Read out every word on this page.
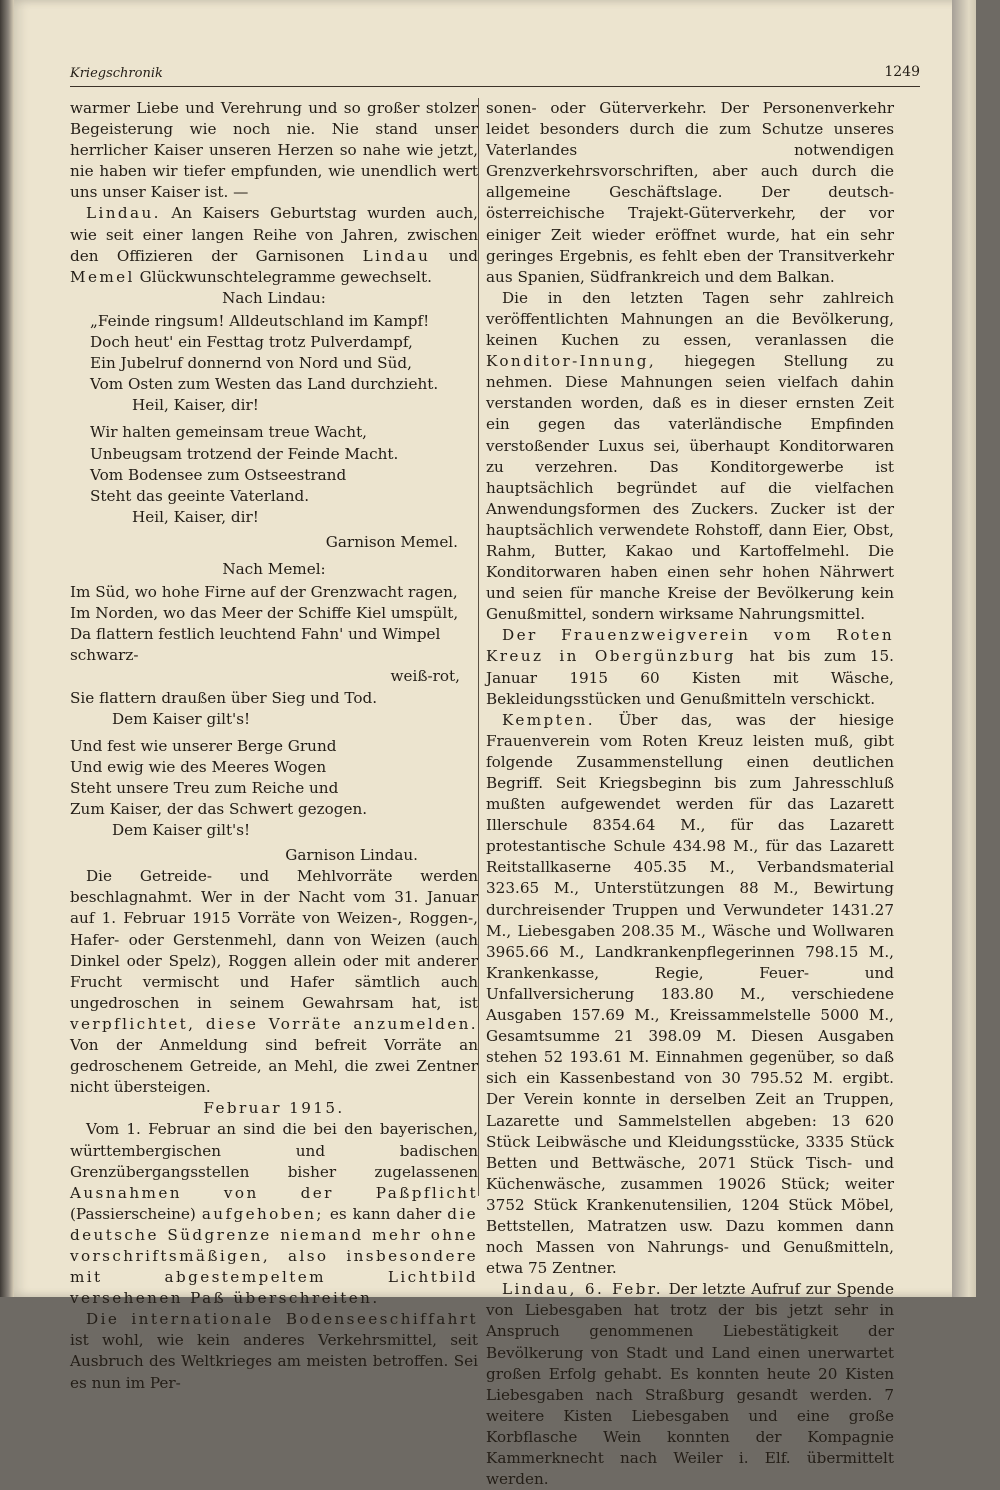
Kriegschronik	1249

warmer Liebe und Verehrung und so großer stolzer Begeisterung wie noch nie. Nie stand unser herrlicher Kaiser unseren Herzen so nahe wie jetzt, nie haben wir tiefer empfunden, wie unendlich wert uns unser Kaiser ist. —

Lindau. An Kaisers Geburtstag wurden auch, wie seit einer langen Reihe von Jahren, zwischen den Offizieren der Garnisonen Lindau und Memel Glückwunschtelegramme gewechselt.

Nach Lindau:
„Feinde ringsum! Alldeutschland im Kampf!
Doch heut' ein Festtag trotz Pulverdampf,
Ein Jubelruf donnernd von Nord und Süd,
Vom Osten zum Westen das Land durchzieht.
Heil, Kaiser, dir!
Wir halten gemeinsam treue Wacht,
Unbeugsam trotzend der Feinde Macht.
Vom Bodensee zum Ostseestrand
Steht das geeinte Vaterland.
Heil, Kaiser, dir!
Garnison Memel.
Nach Memel:
Im Süd, wo hohe Firne auf der Grenzwacht ragen,
Im Norden, wo das Meer der Schiffe Kiel umspült,
Da flattern festlich leuchtend Fahn' und Wimpel schwarz-
weiß-rot,
Sie flattern draußen über Sieg und Tod.
Dem Kaiser gilt's!
Und fest wie unserer Berge Grund
Und ewig wie des Meeres Wogen
Steht unsere Treu zum Reiche und
Zum Kaiser, der das Schwert gezogen.
Dem Kaiser gilt's!
Garnison Lindau.

Die Getreide- und Mehlvorräte werden beschlagnahmt. Wer in der Nacht vom 31. Januar auf 1. Februar 1915 Vorräte von Weizen-, Roggen-, Hafer- oder Gerstenmehl, dann von Weizen (auch Dinkel oder Spelz), Roggen allein oder mit anderer Frucht vermischt und Hafer sämtlich auch ungedroschen in seinem Gewahrsam hat, ist verpflichtet, diese Vorräte anzumelden. Von der Anmeldung sind befreit Vorräte an gedroschenem Getreide, an Mehl, die zwei Zentner nicht übersteigen.

Februar 1915.

Vom 1. Februar an sind die bei den bayerischen, württembergischen und badischen Grenzübergangsstellen bisher zugelassenen Ausnahmen von der Paßpflicht (Passierscheine) aufgehoben; es kann daher die deutsche Südgrenze niemand mehr ohne vorschriftsmäßigen, also insbesondere mit abgestempeltem Lichtbild versehenen Paß überschreiten.

Die internationale Bodenseeschiffahrt ist wohl, wie kein anderes Verkehrsmittel, seit Ausbruch des Weltkrieges am meisten betroffen. Sei es nun im Per-

sonen- oder Güterverkehr. Der Personenverkehr leidet besonders durch die zum Schutze unseres Vaterlandes notwendigen Grenzverkehrsvorschriften, aber auch durch die allgemeine Geschäftslage. Der deutsch-österreichische Trajekt-Güterverkehr, der vor einiger Zeit wieder eröffnet wurde, hat ein sehr geringes Ergebnis, es fehlt eben der Transitverkehr aus Spanien, Südfrankreich und dem Balkan.

Die in den letzten Tagen sehr zahlreich veröffentlichten Mahnungen an die Bevölkerung, keinen Kuchen zu essen, veranlassen die Konditor-Innung, hiegegen Stellung zu nehmen. Diese Mahnungen seien vielfach dahin verstanden worden, daß es in dieser ernsten Zeit ein gegen das vaterländische Empfinden verstoßender Luxus sei, überhaupt Konditorwaren zu verzehren. Das Konditorgewerbe ist hauptsächlich begründet auf die vielfachen Anwendungsformen des Zuckers. Zucker ist der hauptsächlich verwendete Rohstoff, dann Eier, Obst, Rahm, Butter, Kakao und Kartoffelmehl. Die Konditorwaren haben einen sehr hohen Nährwert und seien für manche Kreise der Bevölkerung kein Genußmittel, sondern wirksame Nahrungsmittel.

Der Frauenzweigverein vom Roten Kreuz in Obergünzburg hat bis zum 15. Januar 1915 60 Kisten mit Wäsche, Bekleidungsstücken und Genußmitteln verschickt.

Kempten. Über das, was der hiesige Frauenverein vom Roten Kreuz leisten muß, gibt folgende Zusammenstellung einen deutlichen Begriff. Seit Kriegsbeginn bis zum Jahresschluß mußten aufgewendet werden für das Lazarett Illerschule 8354.64 M., für das Lazarett protestantische Schule 434.98 M., für das Lazarett Reitstallkaserne 405.35 M., Verbandsmaterial 323.65 M., Unterstützungen 88 M., Bewirtung durchreisender Truppen und Verwundeter 1431.27 M., Liebesgaben 208.35 M., Wäsche und Wollwaren 3965.66 M., Landkrankenpflegerinnen 798.15 M., Krankenkasse, Regie, Feuer- und Unfallversicherung 183.80 M., verschiedene Ausgaben 157.69 M., Kreissammelstelle 5000 M., Gesamtsumme 21 398.09 M. Diesen Ausgaben stehen 52 193.61 M. Einnahmen gegenüber, so daß sich ein Kassenbestand von 30 795.52 M. ergibt. Der Verein konnte in derselben Zeit an Truppen, Lazarette und Sammelstellen abgeben: 13 620 Stück Leibwäsche und Kleidungsstücke, 3335 Stück Betten und Bettwäsche, 2071 Stück Tisch- und Küchenwäsche, zusammen 19026 Stück; weiter 3752 Stück Krankenutensilien, 1204 Stück Möbel, Bettstellen, Matratzen usw. Dazu kommen dann noch Massen von Nahrungs- und Genußmitteln, etwa 75 Zentner.

Lindau, 6. Febr. Der letzte Aufruf zur Spende von Liebesgaben hat trotz der bis jetzt sehr in Anspruch genommenen Liebestätigkeit der Bevölkerung von Stadt und Land einen unerwartet großen Erfolg gehabt. Es konnten heute 20 Kisten Liebesgaben nach Straßburg gesandt werden. 7 weitere Kisten Liebesgaben und eine große Korbflasche Wein konnten der Kompagnie Kammerknecht nach Weiler i. Elf. übermittelt werden.
